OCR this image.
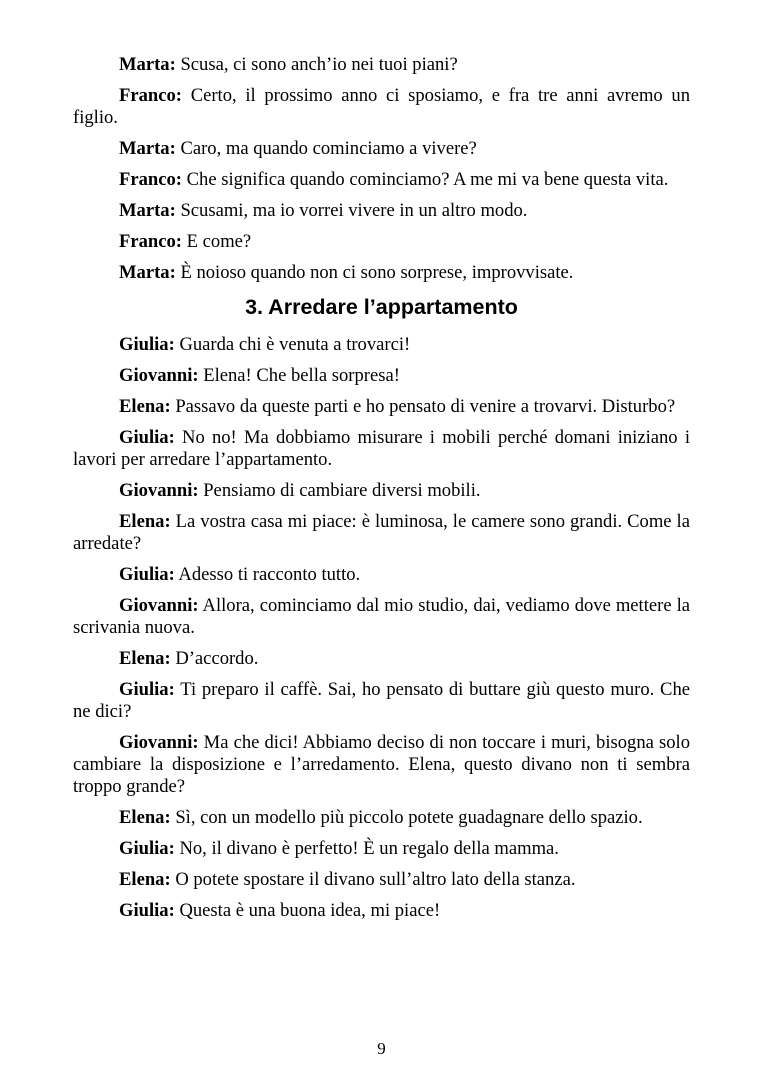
Marta: Scusa, ci sono anch’io nei tuoi piani?

Franco: Certo, il prossimo anno ci sposiamo, e fra tre anni avremo un figlio.

Marta: Caro, ma quando cominciamo a vivere?

Franco: Che significa quando cominciamo? A me mi va bene questa vita.

Marta: Scusami, ma io vorrei vivere in un altro modo.

Franco: E come?

Marta: È noioso quando non ci sono sorprese, improvvisate.

3. Arredare l’appartamento

Giulia: Guarda chi è venuta a trovarci!

Giovanni: Elena! Che bella sorpresa!

Elena: Passavo da queste parti e ho pensato di venire a trovarvi. Disturbo?

Giulia: No no! Ma dobbiamo misurare i mobili perché domani iniziano i lavori per arredare l’appartamento.

Giovanni: Pensiamo di cambiare diversi mobili.

Elena: La vostra casa mi piace: è luminosa, le camere sono grandi. Come la arredate?

Giulia: Adesso ti racconto tutto.

Giovanni: Allora, cominciamo dal mio studio, dai, vediamo dove mettere la scrivania nuova.

Elena: D’accordo.

Giulia: Ti preparo il caffè. Sai, ho pensato di buttare giù questo muro. Che ne dici?

Giovanni: Ma che dici! Abbiamo deciso di non toccare i muri, bisogna solo cambiare la disposizione e l’arredamento. Elena, questo divano non ti sembra troppo grande?

Elena: Sì, con un modello più piccolo potete guadagnare dello spazio.

Giulia: No, il divano è perfetto! È un regalo della mamma.

Elena: O potete spostare il divano sull’altro lato della stanza.

Giulia: Questa è una buona idea, mi piace!

9
